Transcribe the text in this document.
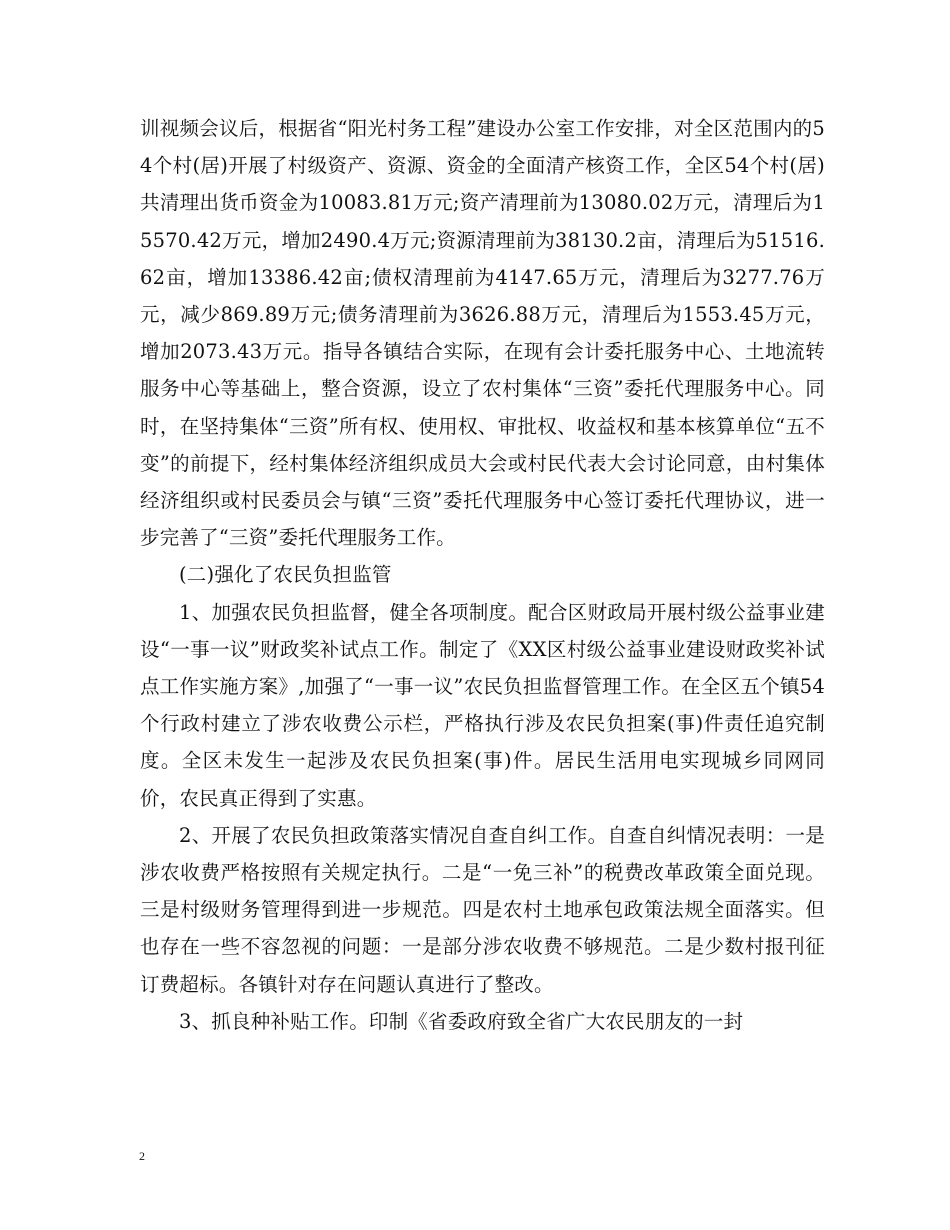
训视频会议后，根据省“阳光村务工程”建设办公室工作安排，对全区范围内的54个村(居)开展了村级资产、资源、资金的全面清产核资工作，全区54个村(居)共清理出货币资金为10083.81万元;资产清理前为13080.02万元，清理后为15570.42万元，增加2490.4万元;资源清理前为38130.2亩，清理后为51516.62亩，增加13386.42亩;债权清理前为4147.65万元，清理后为3277.76万元，减少869.89万元;债务清理前为3626.88万元，清理后为1553.45万元，增加2073.43万元。指导各镇结合实际，在现有会计委托服务中心、土地流转服务中心等基础上，整合资源，设立了农村集体“三资”委托代理服务中心。同时，在坚持集体“三资”所有权、使用权、审批权、收益权和基本核算单位“五不变”的前提下，经村集体经济组织成员大会或村民代表大会讨论同意，由村集体经济组织或村民委员会与镇“三资”委托代理服务中心签订委托代理协议，进一步完善了“三资”委托代理服务工作。

(二)强化了农民负担监管

1、加强农民负担监督，健全各项制度。配合区财政局开展村级公益事业建设“一事一议”财政奖补试点工作。制定了《XX区村级公益事业建设财政奖补试点工作实施方案》,加强了“一事一议”农民负担监督管理工作。在全区五个镇54个行政村建立了涉农收费公示栏，严格执行涉及农民负担案(事)件责任追究制度。全区未发生一起涉及农民负担案(事)件。居民生活用电实现城乡同网同价，农民真正得到了实惠。

2、开展了农民负担政策落实情况自查自纠工作。自查自纠情况表明：一是涉农收费严格按照有关规定执行。二是“一免三补”的税费改革政策全面兑现。三是村级财务管理得到进一步规范。四是农村土地承包政策法规全面落实。但也存在一些不容忽视的问题：一是部分涉农收费不够规范。二是少数村报刊征订费超标。各镇针对存在问题认真进行了整改。

3、抓良种补贴工作。印制《省委政府致全省广大农民朋友的一封

2
